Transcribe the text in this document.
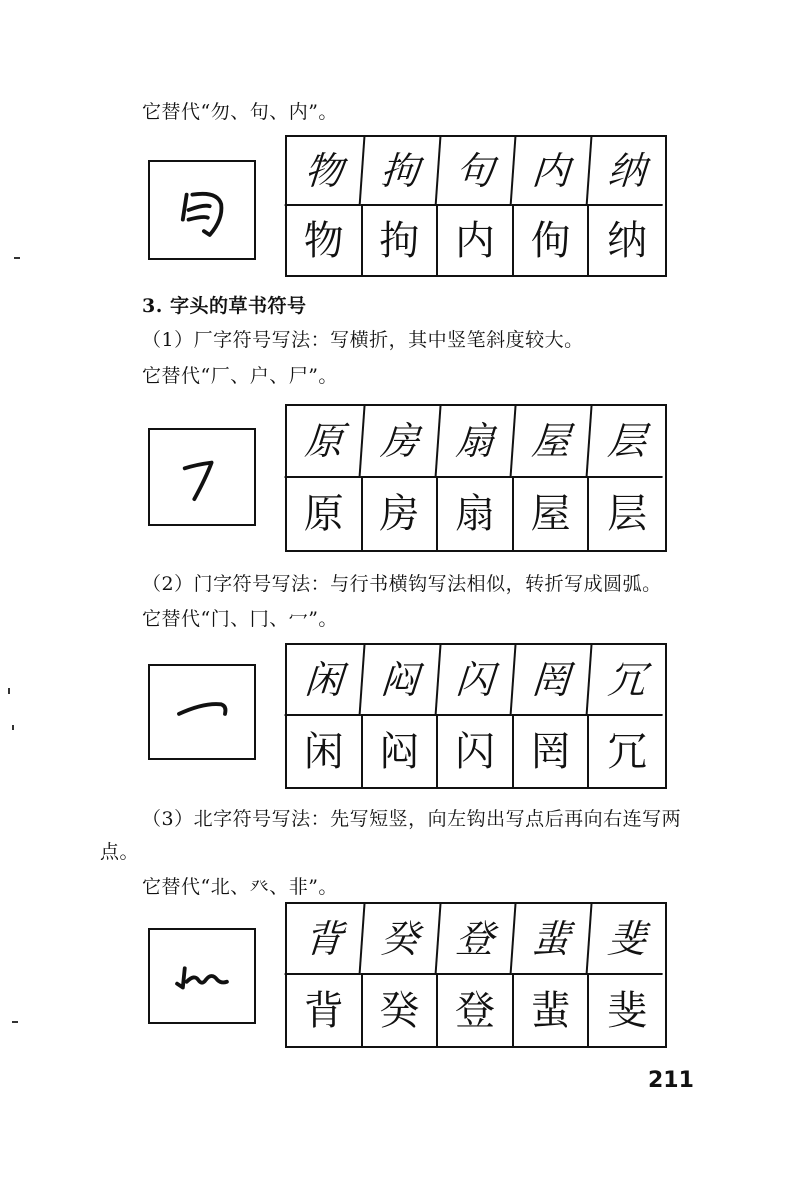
它替代“勿、句、内”。
物 拘 句 内 纳
物 拘 内 佝 纳
3. 字头的草书符号
（1）厂字符号写法：写横折，其中竖笔斜度较大。
它替代“厂、户、尸”。
原 房 扇 屋 层
原 房 扇 屋 层
（2）门字符号写法：与行书横钩写法相似，转折写成圆弧。
它替代“门、冂、冖”。
闲 闷 闪 罔 冗
闲 闷 闪 罔 冗
（3）北字符号写法：先写短竖，向左钩出写点后再向右连写两
点。
它替代“北、癶、非”。
背 癸 登 蜚 斐
背 癸 登 蜚 斐
211
